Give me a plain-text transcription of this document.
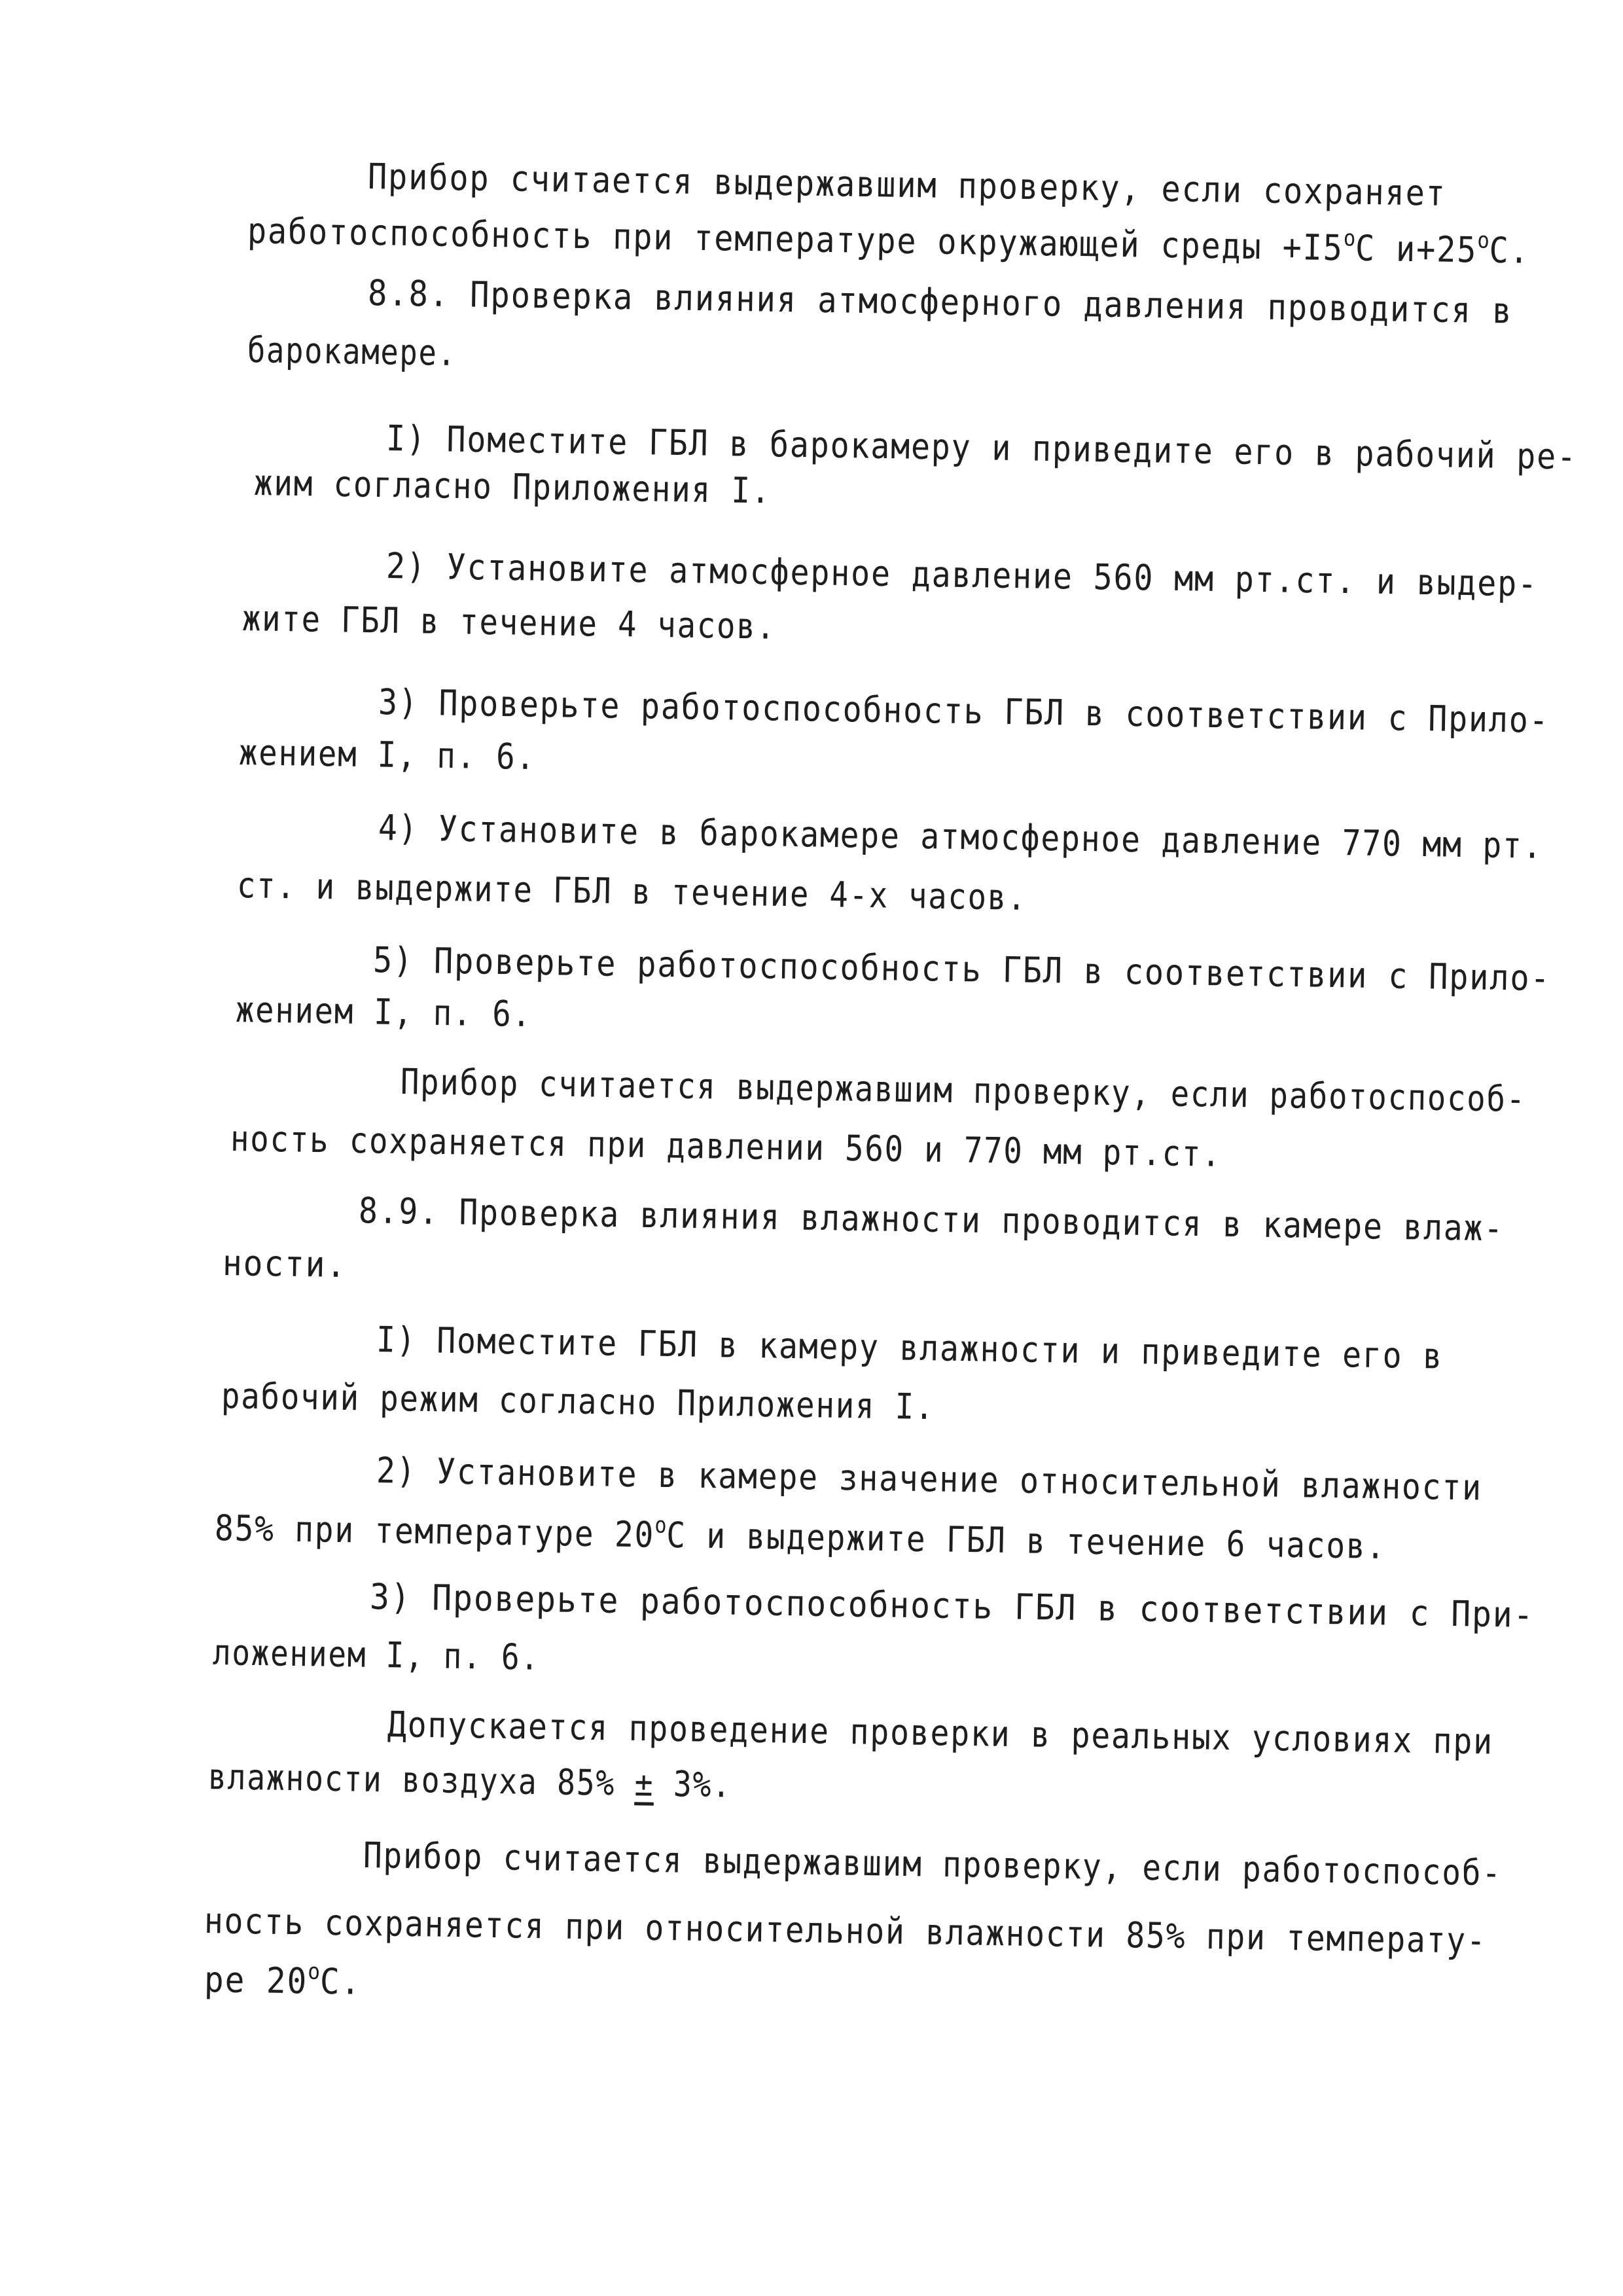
Прибор считается выдержавшим проверку, если сохраняет
работоспособность при температуре окружающей среды $+I5^oC$ $и+25^oC$.
8.8. Проверка влияния атмосферного давления проводится в
барокамере.
I) Поместите ГБЛ в барокамеру и приведите его в рабочий ре-
жим согласно Приложения I.
2) Установите атмосферное давление 560 мм рт.ст. и выдер-
жите ГБЛ в течение 4 часов.
3) Проверьте работоспособность ГБЛ в соответствии с Прило-
жением I, п. 6.
4) Установите в барокамере атмосферное давление 770 мм рт.
ст. и выдержите ГБЛ в течение 4-х часов.
5) Проверьте работоспособность ГБЛ в соответствии с Прило-
жением I, п. 6.
Прибор считается выдержавшим проверку, если работоспособ-
ность сохраняется при давлении 560 и 770 мм рт.ст.
8.9. Проверка влияния влажности проводится в камере влаж-
ности.
I) Поместите ГБЛ в камеру влажности и приведите его в
рабочий режим согласно Приложения I.
2) Установите в камере значение относительной влажности
85% при температуре 20$^o$C и выдержите ГБЛ в течение 6 часов.
3) Проверьте работоспособность ГБЛ в соответствии с При-
ложением I, п. 6.
Допускается проведение проверки в реальных условиях при
влажности воздуха 85% ± 3%.
Прибор считается выдержавшим проверку, если работоспособ-
ность сохраняется при относительной влажности 85% при температу-
ре 20$^o$C.
